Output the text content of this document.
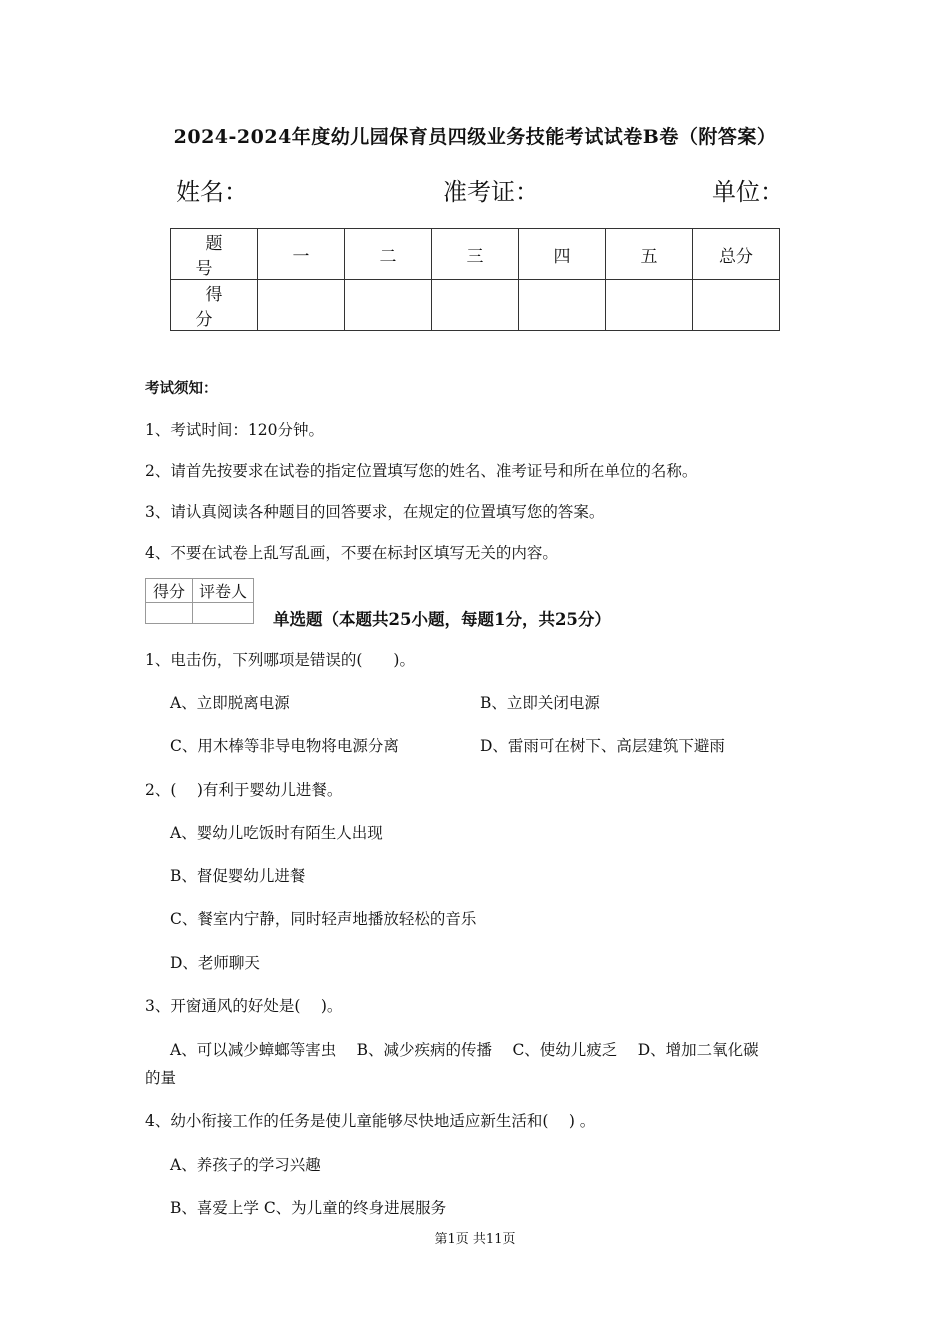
2024-2024年度幼儿园保育员四级业务技能考试试卷B卷（附答案）
姓名：	准考证：	单位：
题 号	一	二	三	四	五	总分
得 分						
考试须知：
1、考试时间：120分钟。
2、请首先按要求在试卷的指定位置填写您的姓名、准考证号和所在单位的名称。
3、请认真阅读各种题目的回答要求，在规定的位置填写您的答案。
4、不要在试卷上乱写乱画，不要在标封区填写无关的内容。
得分	评卷人

单选题（本题共25小题，每题1分，共25分）
1、电击伤，下列哪项是错误的(　　)。
A、立即脱离电源	B、立即关闭电源
C、用木棒等非导电物将电源分离	D、雷雨可在树下、高层建筑下避雨
2、(　 )有利于婴幼儿进餐。
A、婴幼儿吃饭时有陌生人出现
B、督促婴幼儿进餐
C、餐室内宁静，同时轻声地播放轻松的音乐
D、老师聊天
3、开窗通风的好处是(　 )。
A、可以减少蟑螂等害虫　 B、减少疾病的传播　 C、使幼儿疲乏　 D、增加二氧化碳
的量
4、幼小衔接工作的任务是使儿童能够尽快地适应新生活和(　 ) 。
A、养孩子的学习兴趣
B、喜爱上学 C、为儿童的终身进展服务
第1页 共11页
